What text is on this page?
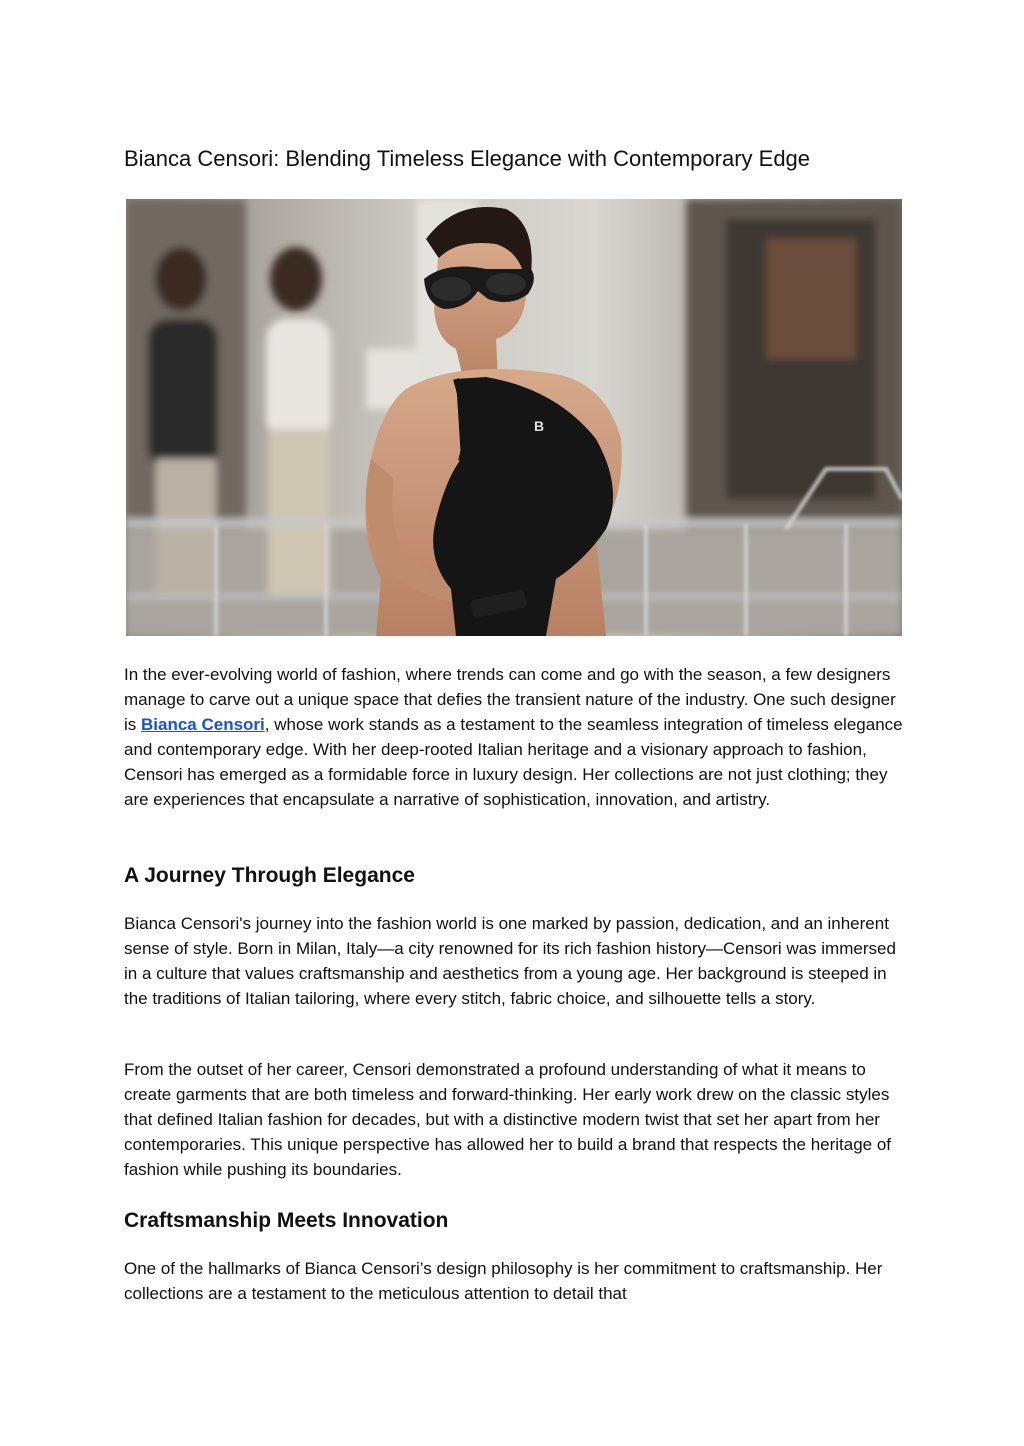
Bianca Censori: Blending Timeless Elegance with Contemporary Edge
B

In the ever-evolving world of fashion, where trends can come and go with the season, a few designers manage to carve out a unique space that defies the transient nature of the industry. One such designer is Bianca Censori, whose work stands as a testament to the seamless integration of timeless elegance and contemporary edge. With her deep-rooted Italian heritage and a visionary approach to fashion, Censori has emerged as a formidable force in luxury design. Her collections are not just clothing; they are experiences that encapsulate a narrative of sophistication, innovation, and artistry.

A Journey Through Elegance

Bianca Censori's journey into the fashion world is one marked by passion, dedication, and an inherent sense of style. Born in Milan, Italy—a city renowned for its rich fashion history—Censori was immersed in a culture that values craftsmanship and aesthetics from a young age. Her background is steeped in the traditions of Italian tailoring, where every stitch, fabric choice, and silhouette tells a story.

From the outset of her career, Censori demonstrated a profound understanding of what it means to create garments that are both timeless and forward-thinking. Her early work drew on the classic styles that defined Italian fashion for decades, but with a distinctive modern twist that set her apart from her contemporaries. This unique perspective has allowed her to build a brand that respects the heritage of fashion while pushing its boundaries.

Craftsmanship Meets Innovation

One of the hallmarks of Bianca Censori’s design philosophy is her commitment to craftsmanship. Her collections are a testament to the meticulous attention to detail that
